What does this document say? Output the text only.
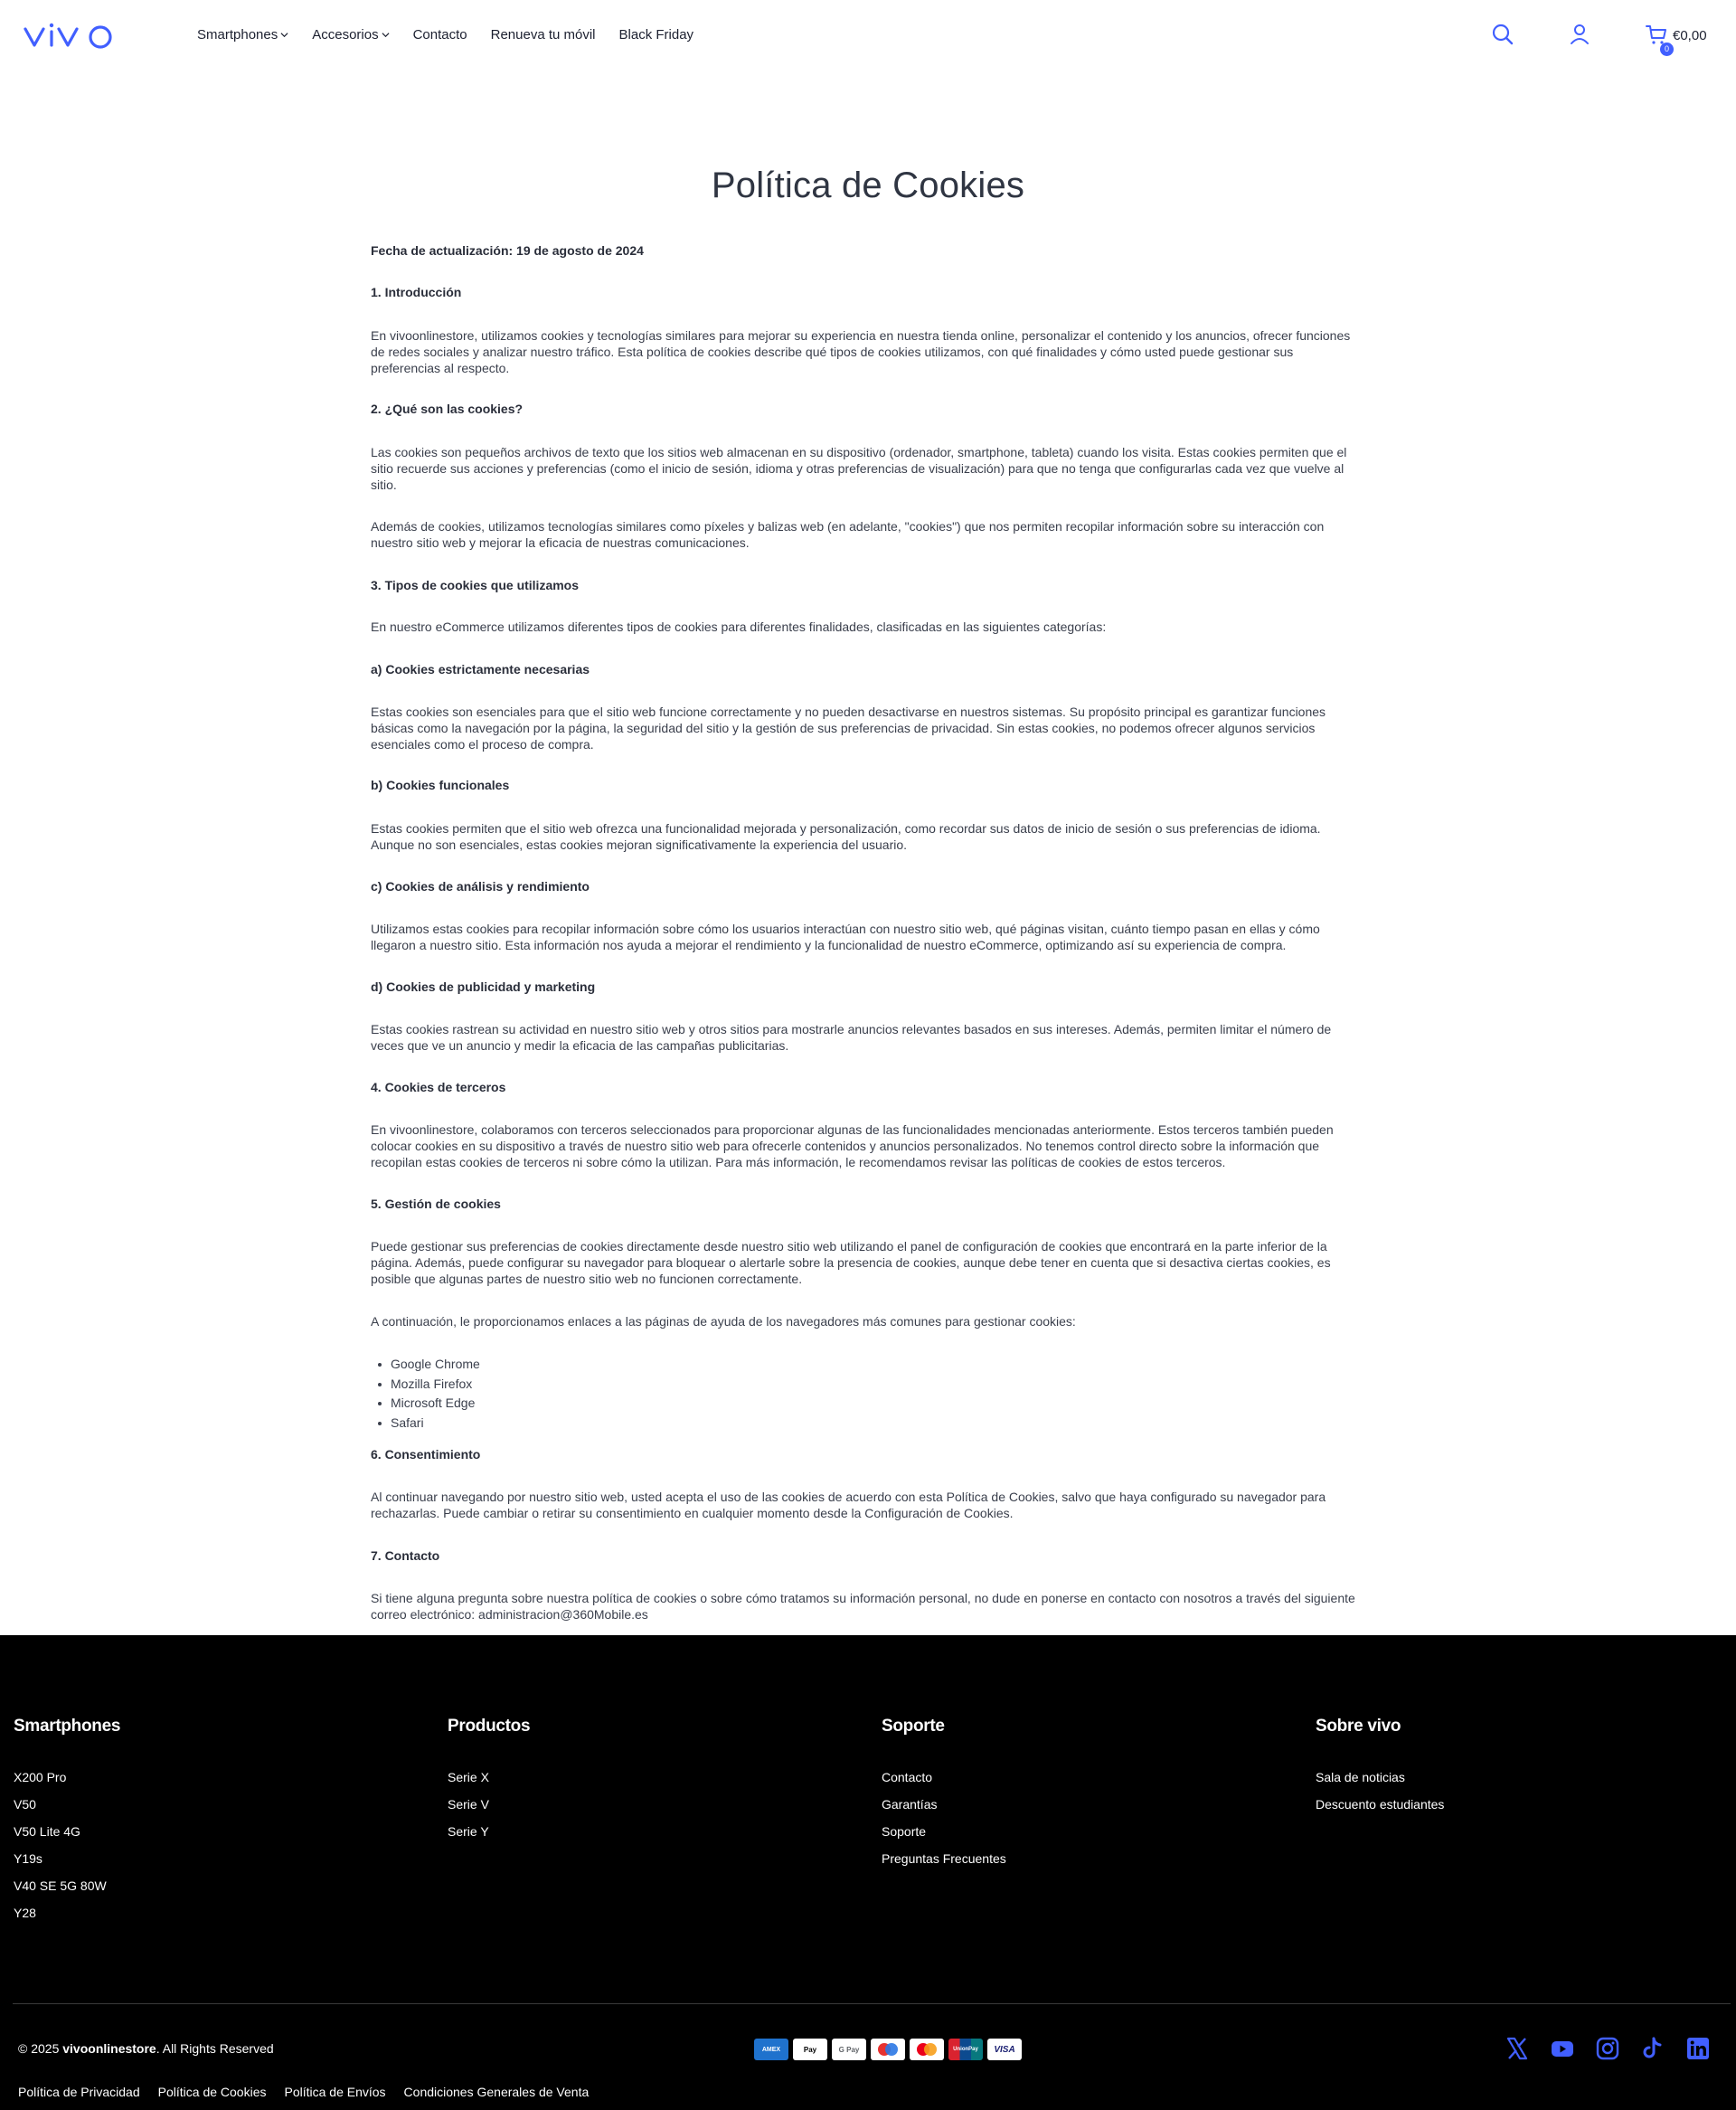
Smartphones	Accesorios	Contacto Renueva tu móvil Black Friday
0
€0,00
Política de Cookies
Fecha de actualización: 19 de agosto de 2024
1. Introducción

En vivoonlinestore, utilizamos cookies y tecnologías similares para mejorar su experiencia en nuestra tienda online, personalizar el contenido y los anuncios, ofrecer funciones de redes sociales y analizar nuestro tráfico. Esta política de cookies describe qué tipos de cookies utilizamos, con qué finalidades y cómo usted puede gestionar sus preferencias al respecto.

2. ¿Qué son las cookies?

Las cookies son pequeños archivos de texto que los sitios web almacenan en su dispositivo (ordenador, smartphone, tableta) cuando los visita. Estas cookies permiten que el sitio recuerde sus acciones y preferencias (como el inicio de sesión, idioma y otras preferencias de visualización) para que no tenga que configurarlas cada vez que vuelve al sitio.

Además de cookies, utilizamos tecnologías similares como píxeles y balizas web (en adelante, "cookies") que nos permiten recopilar información sobre su interacción con nuestro sitio web y mejorar la eficacia de nuestras comunicaciones.

3. Tipos de cookies que utilizamos

En nuestro eCommerce utilizamos diferentes tipos de cookies para diferentes finalidades, clasificadas en las siguientes categorías:

a) Cookies estrictamente necesarias

Estas cookies son esenciales para que el sitio web funcione correctamente y no pueden desactivarse en nuestros sistemas. Su propósito principal es garantizar funciones básicas como la navegación por la página, la seguridad del sitio y la gestión de sus preferencias de privacidad. Sin estas cookies, no podemos ofrecer algunos servicios esenciales como el proceso de compra.

b) Cookies funcionales

Estas cookies permiten que el sitio web ofrezca una funcionalidad mejorada y personalización, como recordar sus datos de inicio de sesión o sus preferencias de idioma. Aunque no son esenciales, estas cookies mejoran significativamente la experiencia del usuario.

c) Cookies de análisis y rendimiento

Utilizamos estas cookies para recopilar información sobre cómo los usuarios interactúan con nuestro sitio web, qué páginas visitan, cuánto tiempo pasan en ellas y cómo llegaron a nuestro sitio. Esta información nos ayuda a mejorar el rendimiento y la funcionalidad de nuestro eCommerce, optimizando así su experiencia de compra.

d) Cookies de publicidad y marketing

Estas cookies rastrean su actividad en nuestro sitio web y otros sitios para mostrarle anuncios relevantes basados en sus intereses. Además, permiten limitar el número de veces que ve un anuncio y medir la eficacia de las campañas publicitarias.

4. Cookies de terceros

En vivoonlinestore, colaboramos con terceros seleccionados para proporcionar algunas de las funcionalidades mencionadas anteriormente. Estos terceros también pueden colocar cookies en su dispositivo a través de nuestro sitio web para ofrecerle contenidos y anuncios personalizados. No tenemos control directo sobre la información que recopilan estas cookies de terceros ni sobre cómo la utilizan. Para más información, le recomendamos revisar las políticas de cookies de estos terceros.

5. Gestión de cookies

Puede gestionar sus preferencias de cookies directamente desde nuestro sitio web utilizando el panel de configuración de cookies que encontrará en la parte inferior de la página. Además, puede configurar su navegador para bloquear o alertarle sobre la presencia de cookies, aunque debe tener en cuenta que si desactiva ciertas cookies, es posible que algunas partes de nuestro sitio web no funcionen correctamente.

A continuación, le proporcionamos enlaces a las páginas de ayuda de los navegadores más comunes para gestionar cookies:

Google Chrome
Mozilla Firefox
Microsoft Edge
Safari
6. Consentimiento

Al continuar navegando por nuestro sitio web, usted acepta el uso de las cookies de acuerdo con esta Política de Cookies, salvo que haya configurado su navegador para rechazarlas. Puede cambiar o retirar su consentimiento en cualquier momento desde la Configuración de Cookies.

7. Contacto

Si tiene alguna pregunta sobre nuestra política de cookies o sobre cómo tratamos su información personal, no dude en ponerse en contacto con nosotros a través del siguiente correo electrónico: administracion@360Mobile.es

Smartphones
X200 Pro
V50
V50 Lite 4G
Y19s
V40 SE 5G 80W
Y28
Productos
Serie X
Serie V
Serie Y
Soporte
Contacto
Garantías
Soporte
Preguntas Frecuentes
Sobre vivo
Sala de noticias
Descuento estudiantes
© 2025 vivoonlinestore. All Rights Reserved	AMEX	Pay	G Pay	UnionPay VISA
Política de Privacidad Política de Cookies Política de Envíos Condiciones Generales de Venta
